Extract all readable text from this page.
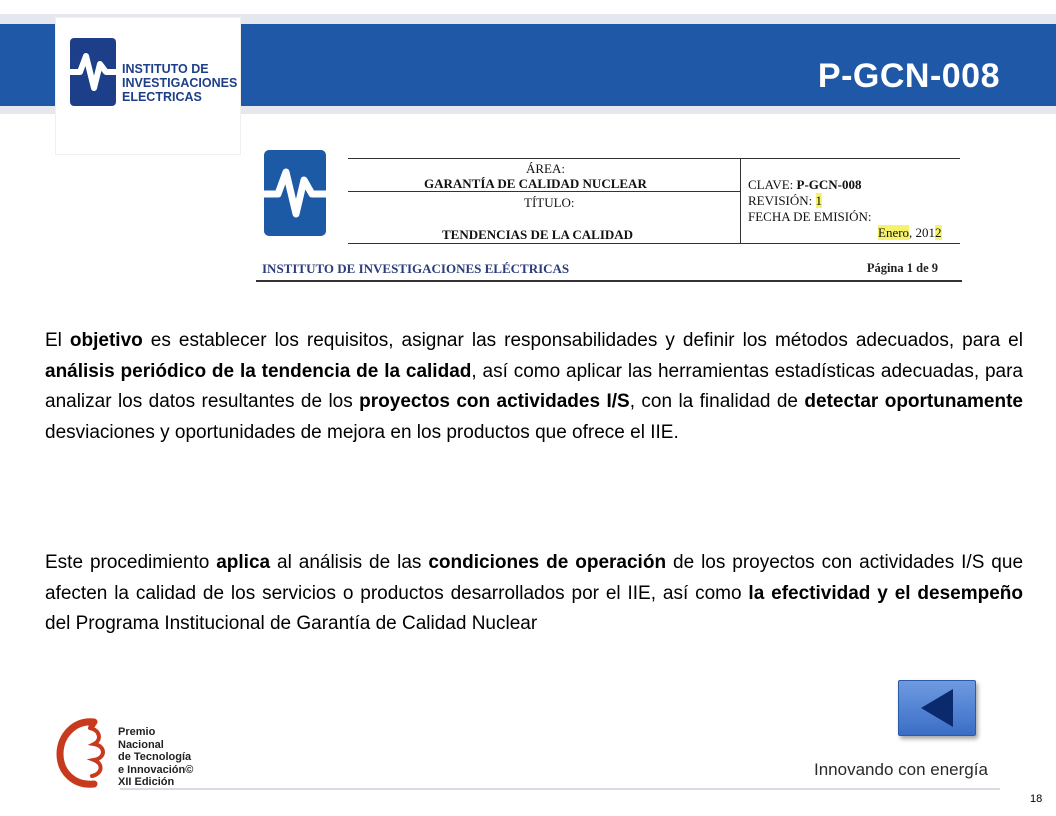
P-GCN-008
INSTITUTO DE
INVESTIGACIONES
ELECTRICAS
ÁREA:
GARANTÍA DE CALIDAD NUCLEAR
TÍTULO:
TENDENCIAS DE LA CALIDAD
CLAVE: P-GCN-008
REVISIÓN: 1
FECHA DE EMISIÓN:
Enero, 2012
INSTITUTO DE INVESTIGACIONES ELÉCTRICAS	Página 1 de 9
El objetivo es establecer los requisitos, asignar las responsabilidades y definir los métodos adecuados, para el análisis periódico de la tendencia de la calidad, así como aplicar las herramientas estadísticas adecuadas, para analizar los datos resultantes de los proyectos con actividades I/S, con la finalidad de detectar oportunamente desviaciones y oportunidades de mejora en los productos que ofrece el IIE.
Este procedimiento aplica al análisis de las condiciones de operación de los proyectos con actividades I/S que afecten la calidad de los servicios o productos desarrollados por el IIE, así como la efectividad y el desempeño del Programa Institucional de Garantía de Calidad Nuclear
Premio
Nacional
de Tecnología
e Innovación©
XII Edición
Innovando con energía
18
